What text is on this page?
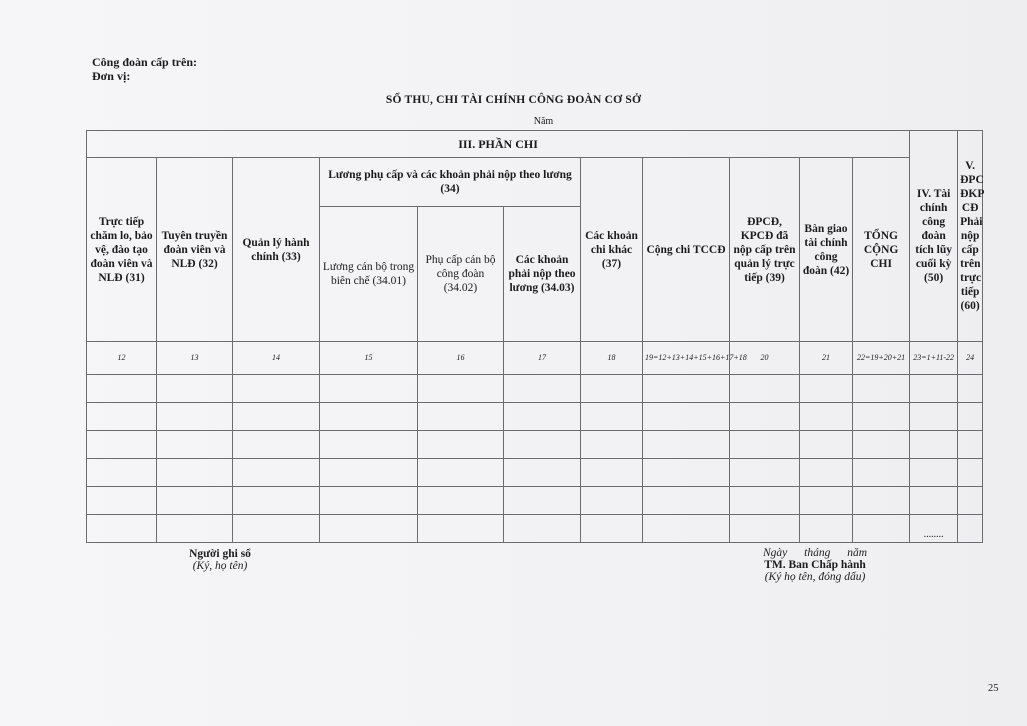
Công đoàn cấp trên:
Đơn vị:
SỔ THU, CHI TÀI CHÍNH CÔNG ĐOÀN CƠ SỞ
Năm
III. PHẦN CHI											IV. Tài chính công đoàn tích lũy cuối kỳ (50)	V. ĐPC ĐKP CĐ Phải nộp cấp trên trực tiếp (60)
Trực tiếp chăm lo, bảo vệ, đào tạo đoàn viên và NLĐ (31)	Tuyên truyền đoàn viên và NLĐ (32)	Quản lý hành chính (33)	Lương phụ cấp và các khoản phải nộp theo lương (34)			Các khoản chi khác (37)	Cộng chi TCCĐ	ĐPCĐ, KPCĐ đã nộp cấp trên quản lý trực tiếp (39)	Bàn giao tài chính công đoàn (42)	TỔNG CỘNG CHI		
			Lương cán bộ trong biên chế (34.01)	Phụ cấp cán bộ công đoàn (34.02)	Các khoản phải nộp theo lương (34.03)							
12	13	14	15	16	17	18	19=12+13+14+15+16+17+18	20	21	22=19+20+21	23=1+11-22	24

											........	
Người ghi sổ
(Ký, họ tên)
Ngày tháng năm
TM. Ban Chấp hành
(Ký họ tên, đóng dấu)
25
